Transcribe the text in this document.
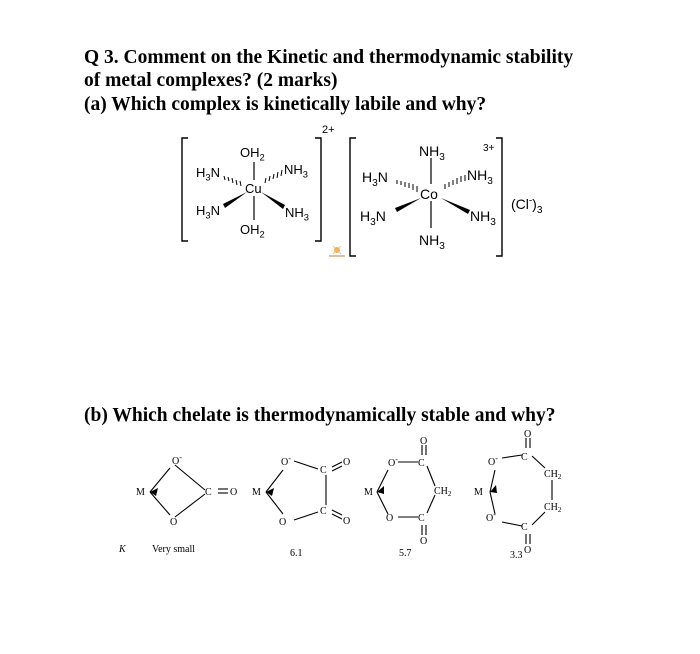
Q 3. Comment on the Kinetic and thermodynamic stability

of metal complexes? (2 marks)

(a) Which complex is kinetically labile and why?

2+
Cu
$OH_2$
$OH_2$
$H_3N$	$NH_3$
$H_3N$	$NH_3$
3+
Co
$NH_3$
$NH_3$
$H_3N$	$NH_3$
$H_3N$	$NH_3$
$(Cl^-)_3$

(b) Which chelate is thermodynamically stable and why?

M
O-
O
C O M
O-
O
C
C
O
O
M
O-
O
C
C
$CH_2$
O
O
M
O-
O-
C
C
$CH_2$
$CH_2$
O
O
K	Very small	6.1	5.7	3.3
